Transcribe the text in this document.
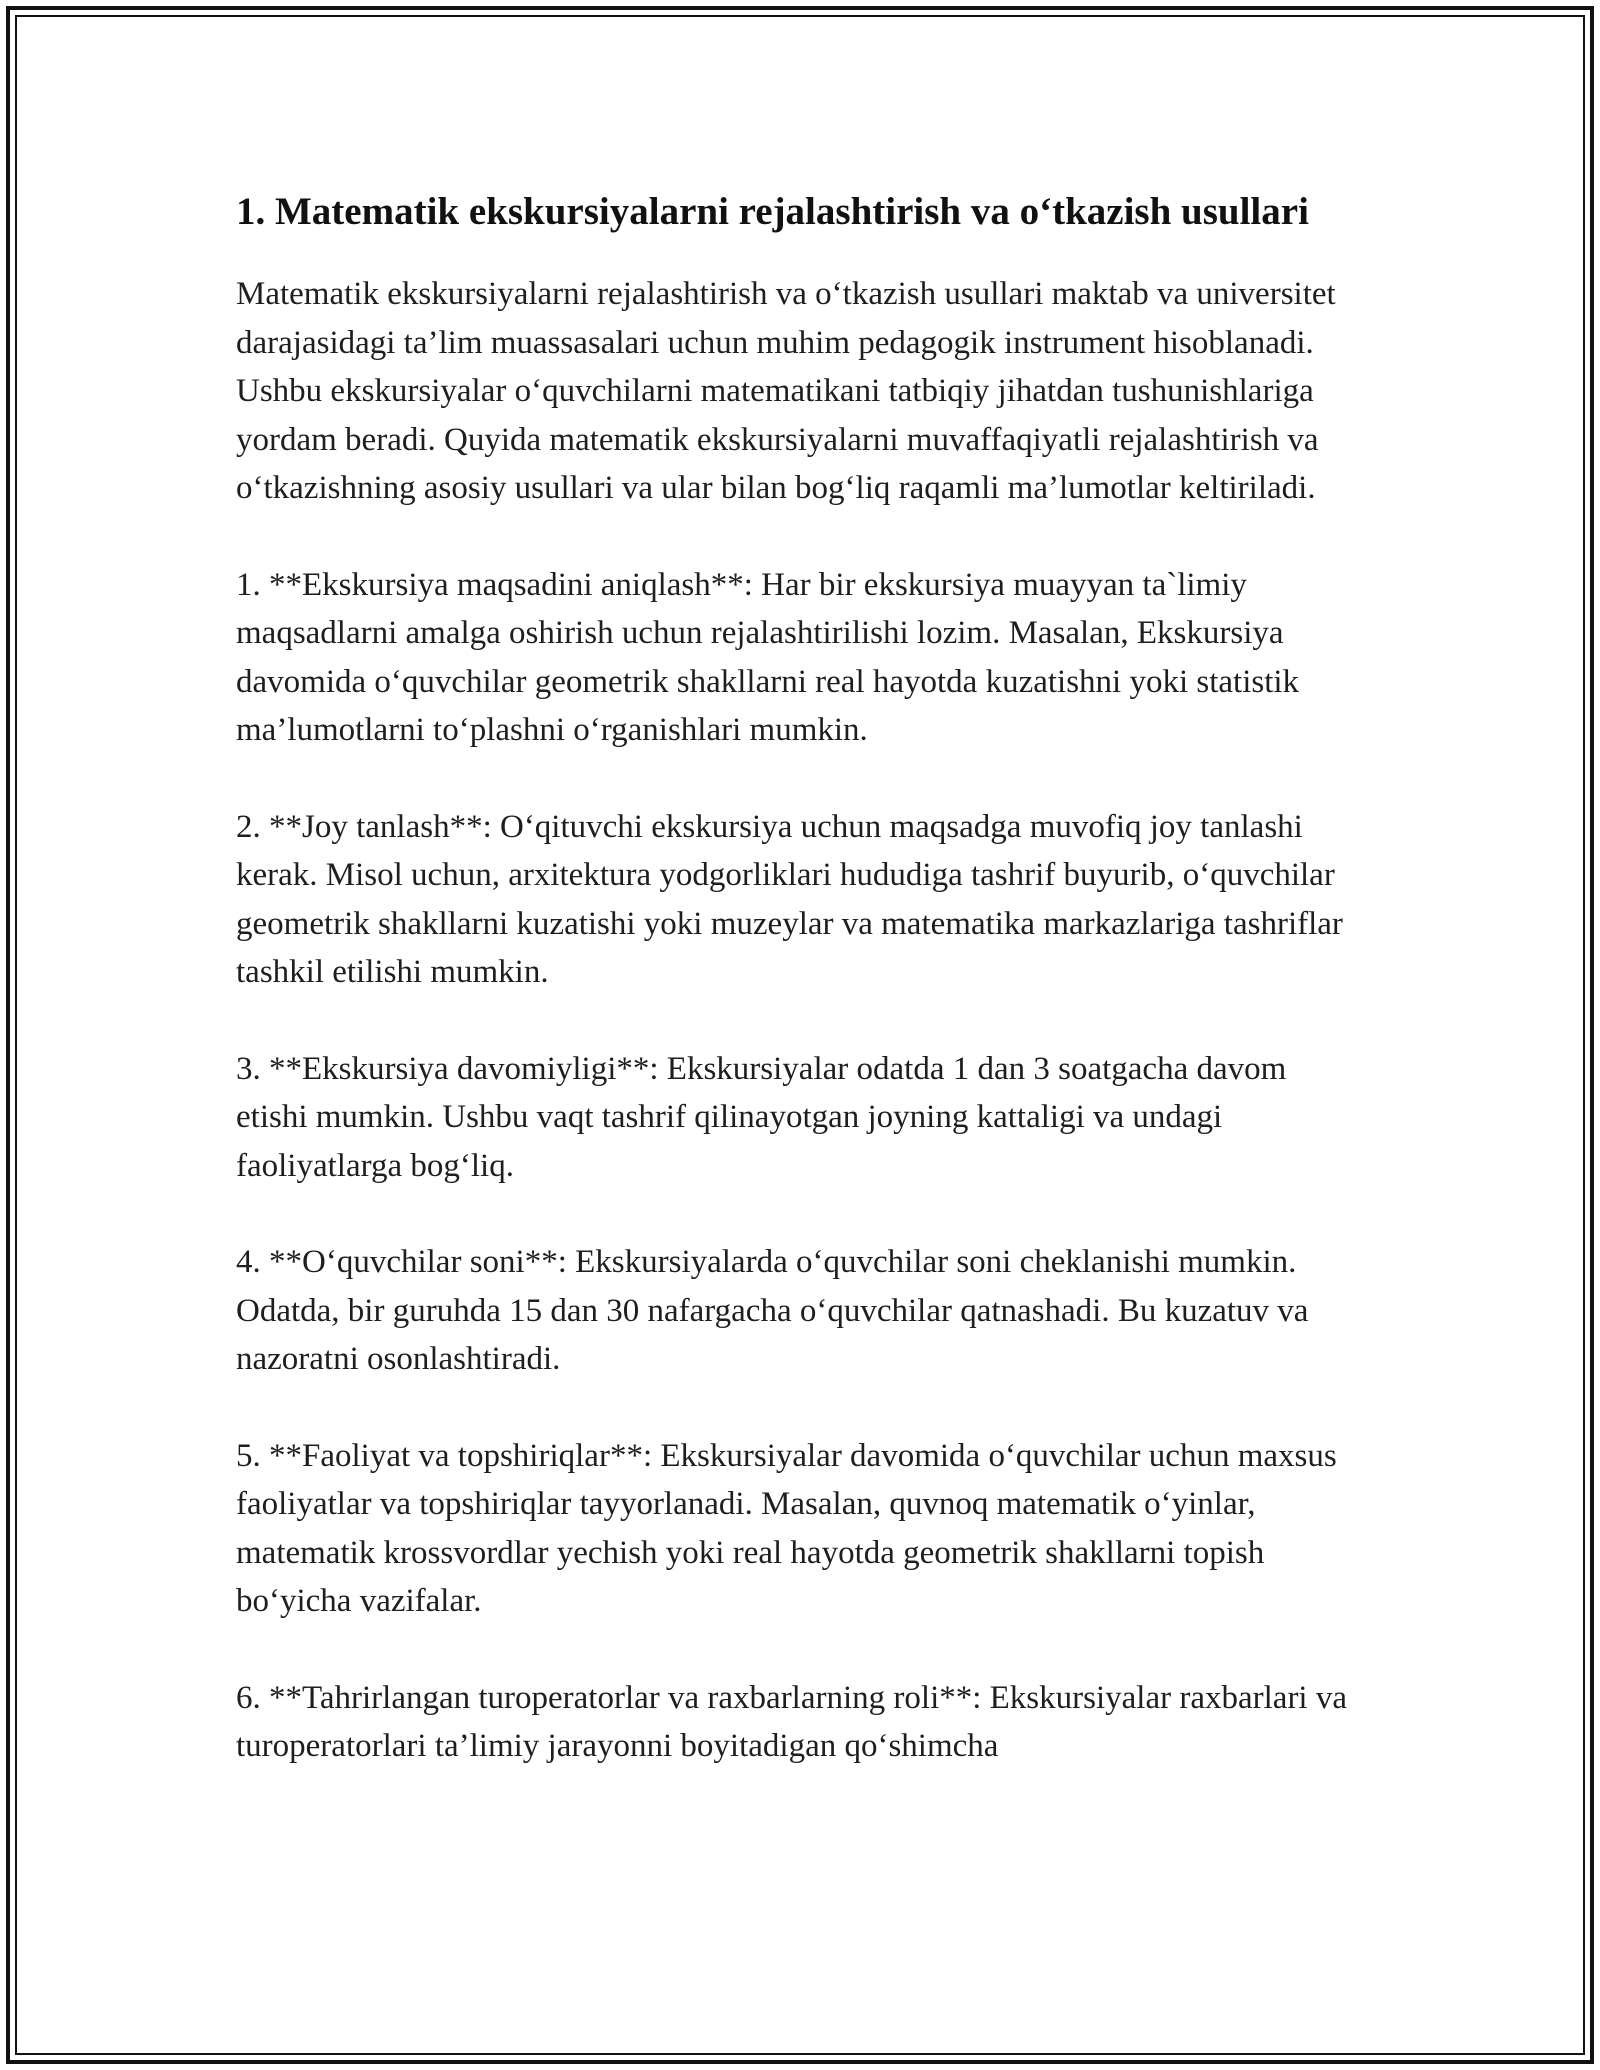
1. Matematik ekskursiyalarni rejalashtirish va o‘tkazish usullari

Matematik ekskursiyalarni rejalashtirish va o‘tkazish usullari maktab va universitet darajasidagi ta’lim muassasalari uchun muhim pedagogik instrument hisoblanadi. Ushbu ekskursiyalar o‘quvchilarni matematikani tatbiqiy jihatdan tushunishlariga yordam beradi. Quyida matematik ekskursiyalarni muvaffaqiyatli rejalashtirish va o‘tkazishning asosiy usullari va ular bilan bog‘liq raqamli ma’lumotlar keltiriladi.

1. **Ekskursiya maqsadini aniqlash**: Har bir ekskursiya muayyan ta`limiy maqsadlarni amalga oshirish uchun rejalashtirilishi lozim. Masalan, Ekskursiya davomida o‘quvchilar geometrik shakllarni real hayotda kuzatishni yoki statistik ma’lumotlarni to‘plashni o‘rganishlari mumkin.

2. **Joy tanlash**: O‘qituvchi ekskursiya uchun maqsadga muvofiq joy tanlashi kerak. Misol uchun, arxitektura yodgorliklari hududiga tashrif buyurib, o‘quvchilar geometrik shakllarni kuzatishi yoki muzeylar va matematika markazlariga tashriflar tashkil etilishi mumkin.

3. **Ekskursiya davomiyligi**: Ekskursiyalar odatda 1 dan 3 soatgacha davom etishi mumkin. Ushbu vaqt tashrif qilinayotgan joyning kattaligi va undagi faoliyatlarga bog‘liq.

4. **O‘quvchilar soni**: Ekskursiyalarda o‘quvchilar soni cheklanishi mumkin. Odatda, bir guruhda 15 dan 30 nafargacha o‘quvchilar qatnashadi. Bu kuzatuv va nazoratni osonlashtiradi.

5. **Faoliyat va topshiriqlar**: Ekskursiyalar davomida o‘quvchilar uchun maxsus faoliyatlar va topshiriqlar tayyorlanadi. Masalan, quvnoq matematik o‘yinlar, matematik krossvordlar yechish yoki real hayotda geometrik shakllarni topish bo‘yicha vazifalar.

6. **Tahrirlangan turoperatorlar va raxbarlarning roli**: Ekskursiyalar raxbarlari va turoperatorlari ta’limiy jarayonni boyitadigan qo‘shimcha
